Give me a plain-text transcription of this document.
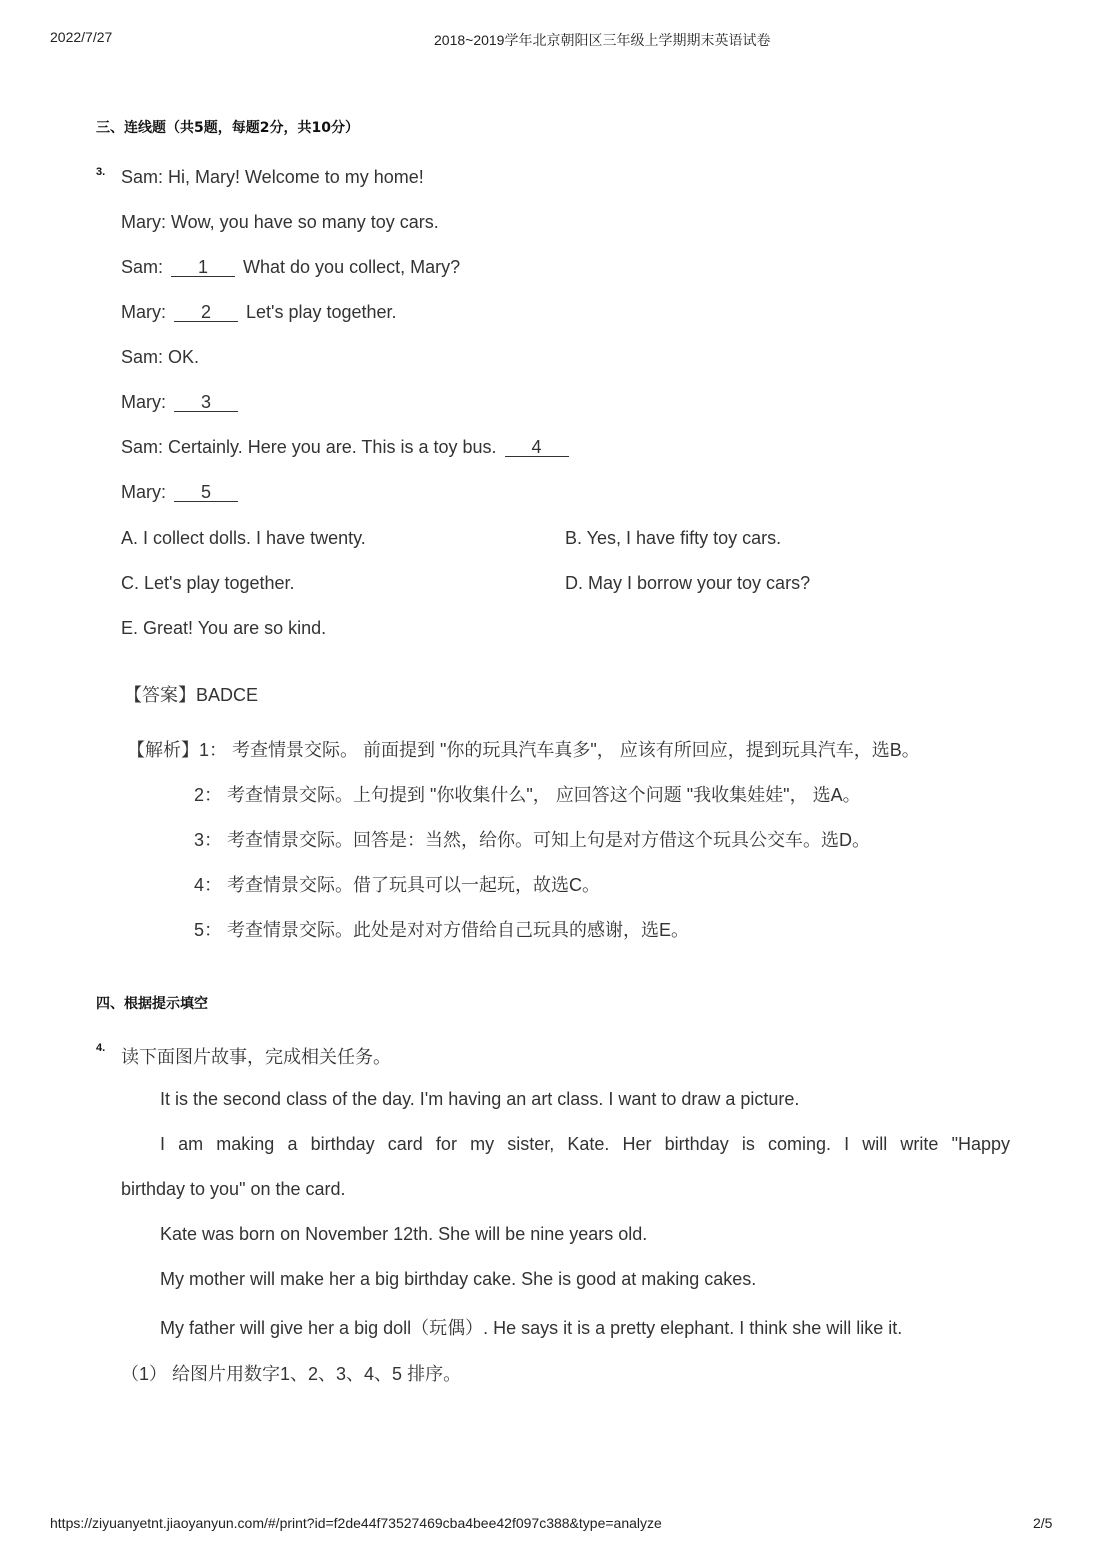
2022/7/27	2018~2019学年北京朝阳区三年级上学期期末英语试卷
三、连线题（共5题，每题2分，共10分）
3. Sam: Hi, Mary! Welcome to my home!
Mary: Wow, you have so many toy cars.
Sam: 1 What do you collect, Mary?
Mary: 2 Let's play together.
Sam: OK.
Mary: 3
Sam: Certainly. Here you are. This is a toy bus. 4
Mary: 5
A. I collect dolls. I have twenty.	B. Yes, I have fifty toy cars.
C. Let's play together.	D. May I borrow your toy cars?
E. Great! You are so kind.
【答案】BADCE
【解析】1： 考查情景交际。 前面提到 "你的玩具汽车真多"， 应该有所回应，提到玩具汽车，选B。
2： 考查情景交际。上句提到 "你收集什么"， 应回答这个问题 "我收集娃娃"， 选A。
3： 考查情景交际。回答是：当然，给你。可知上句是对方借这个玩具公交车。选D。
4： 考查情景交际。借了玩具可以一起玩，故选C。
5： 考查情景交际。此处是对对方借给自己玩具的感谢，选E。
四、根据提示填空
4. 读下面图片故事，完成相关任务。
It is the second class of the day. I'm having an art class. I want to draw a picture.
I am making a birthday card for my sister, Kate. Her birthday is coming. I will write "Happy
birthday to you" on the card.
Kate was born on November 12th. She will be nine years old.
My mother will make her a big birthday cake. She is good at making cakes.
My father will give her a big doll（玩偶）. He says it is a pretty elephant. I think she will like it.
（1） 给图片用数字1、2、3、4、5 排序。
https://ziyuanyetnt.jiaoyanyun.com/#/print?id=f2de44f73527469cba4bee42f097c388&type=analyze	2/5
